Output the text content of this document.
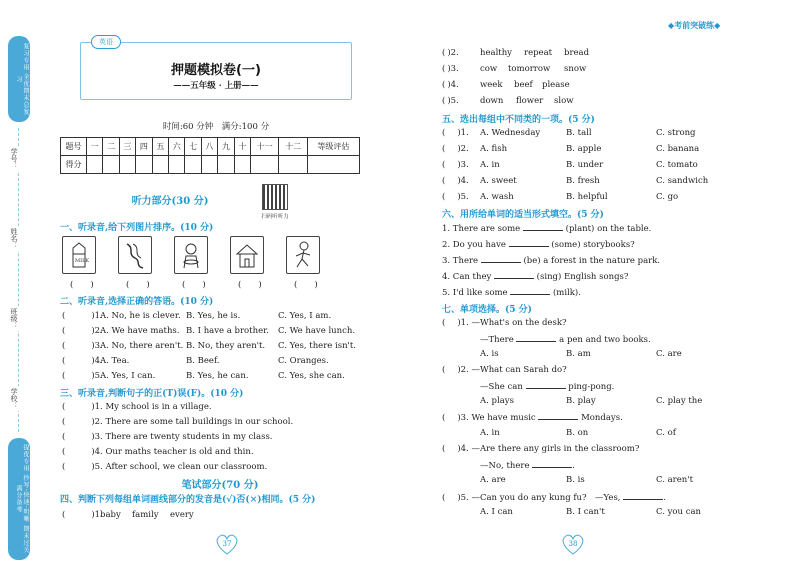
复习专用 全优期末总复习
学号：
姓名：
班级：
学校：
提优专用 抄写·快速·明晰 期末过关满分备考
英语
押题模拟卷(一)
——五年级 · 上册——
时间:60 分钟　满分:100 分
题号	一	二	三	四	五	六	七	八	九	十	十一	十二	等级评估
得分													
听力部分(30 分)
扫码听听力
一、听录音,给下列图片排序。(10 分)
MILK
(　　)	(　　)	(　　)	(　　)	(　　)
二、听录音,选择正确的答语。(10 分)
(	)1.
A. No, he is clever. B. Yes, he is.	C. Yes, I am.
(	)2.
A. We have maths. B. I have a brother. C. We have lunch.
(	)3.
A. No, there aren't. B. No, they aren't. C. Yes, there isn't.
(	)4.
A. Tea.	B. Beef.	C. Oranges.
(	)5.
A. Yes, I can.	B. Yes, he can.	C. Yes, she can.
三、听录音,判断句子的正(T)误(F)。(10 分)
(	)1. My school is in a village.
(	)2. There are some tall buildings in our school.
(	)3. There are twenty students in my class.
(	)4. Our maths teacher is old and thin.
(	)5. After school, we clean our classroom.
笔试部分(70 分)
四、判断下列每组单词画线部分的发音是(√)否(×)相同。(5 分)
(	)1.
baby family every
37
◆考前突破练◆
( )2. healthy repeat bread
( )3. cow tomorrow snow
( )4. week beef please
( )5. down flower slow
五、选出每组中不同类的一项。(5 分)
( )1. A. Wednesday	B. tall	C. strong
( )2. A. fish	B. apple	C. banana
( )3. A. in	B. under	C. tomato
( )4. A. sweet	B. fresh	C. sandwich
( )5. A. wash	B. helpful	C. go
六、用所给单词的适当形式填空。(5 分)
1. There are some	(plant) on the table.
2. Do you have	(some) storybooks?
3. There	(be) a forest in the nature park.
4. Can they	(sing) English songs?
5. I'd like some	(milk).
七、单项选择。(5 分)
( )1. —What's on the desk?
—There	a pen and two books.
A. is	B. am	C. are
( )2. —What can Sarah do?
—She can	ping-pong.
A. plays	B. play	C. play the
( )3. We have music	Mondays.
A. in	B. on	C. of
( )4. —Are there any girls in the classroom?
—No, there	.
A. are	B. is	C. aren't
( )5. —Can you do any kung fu?　—Yes,	.
A. I can	B. I can't	C. you can
38
